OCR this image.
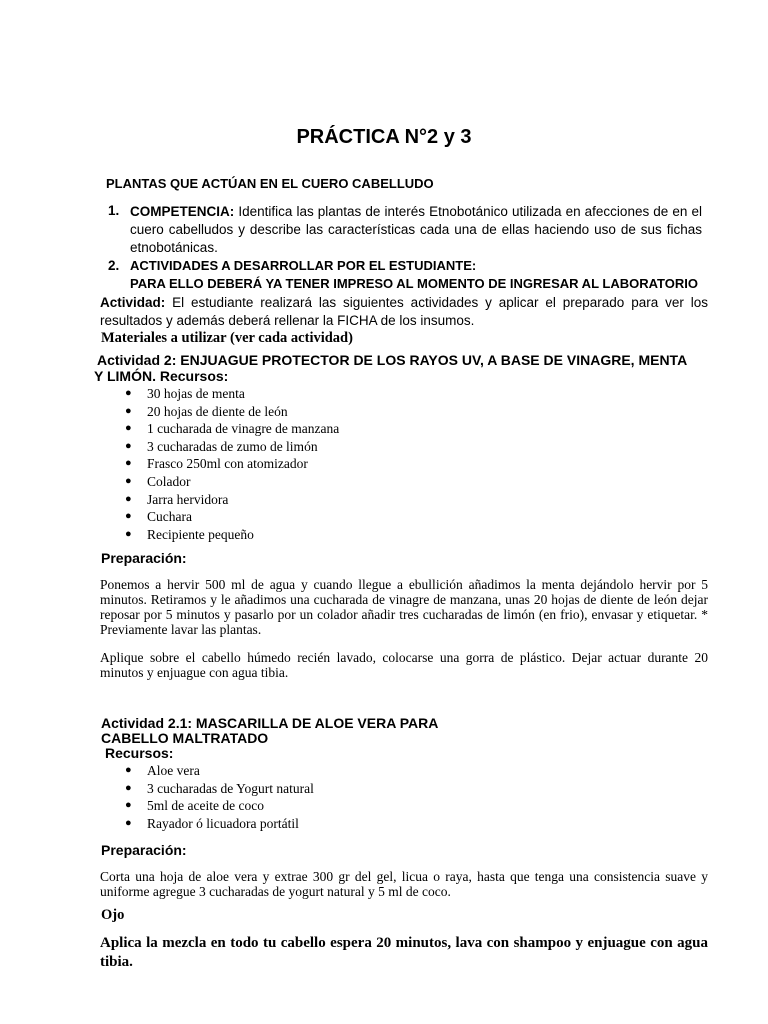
PRÁCTICA N°2 y 3
PLANTAS QUE ACTÚAN EN EL CUERO CABELLUDO
1. COMPETENCIA: Identifica las plantas de interés Etnobotánico utilizada en afecciones de en el cuero cabelludos y describe las características cada una de ellas haciendo uso de sus fichas etnobotánicas.
2. ACTIVIDADES A DESARROLLAR POR EL ESTUDIANTE:
PARA ELLO DEBERÁ YA TENER IMPRESO AL MOMENTO DE INGRESAR AL LABORATORIO
Actividad: El estudiante realizará las siguientes actividades y aplicar el preparado para ver los resultados y además deberá rellenar la FICHA de los insumos.
Materiales a utilizar (ver cada actividad)
Actividad 2: ENJUAGUE PROTECTOR DE LOS RAYOS UV, A BASE DE VINAGRE, MENTA
Y LIMÓN. Recursos:
● 30 hojas de menta
● 20 hojas de diente de león
● 1 cucharada de vinagre de manzana
● 3 cucharadas de zumo de limón
● Frasco 250ml con atomizador
● Colador
● Jarra hervidora
● Cuchara
● Recipiente pequeño
Preparación:
Ponemos a hervir 500 ml de agua y cuando llegue a ebullición añadimos la menta dejándolo hervir por 5 minutos. Retiramos y le añadimos una cucharada de vinagre de manzana, unas 20 hojas de diente de león dejar reposar por 5 minutos y pasarlo por un colador añadir tres cucharadas de limón (en frio), envasar y etiquetar. * Previamente lavar las plantas.
Aplique sobre el cabello húmedo recién lavado, colocarse una gorra de plástico. Dejar actuar durante 20 minutos y enjuague con agua tibia.
Actividad 2.1: MASCARILLA DE ALOE VERA PARA
CABELLO MALTRATADO
Recursos:
● Aloe vera
● 3 cucharadas de Yogurt natural
● 5ml de aceite de coco
● Rayador ó licuadora portátil
Preparación:
Corta una hoja de aloe vera y extrae 300 gr del gel, licua o raya, hasta que tenga una consistencia suave y uniforme agregue 3 cucharadas de yogurt natural y 5 ml de coco.
Ojo
Aplica la mezcla en todo tu cabello espera 20 minutos, lava con shampoo y enjuague con agua tibia.
